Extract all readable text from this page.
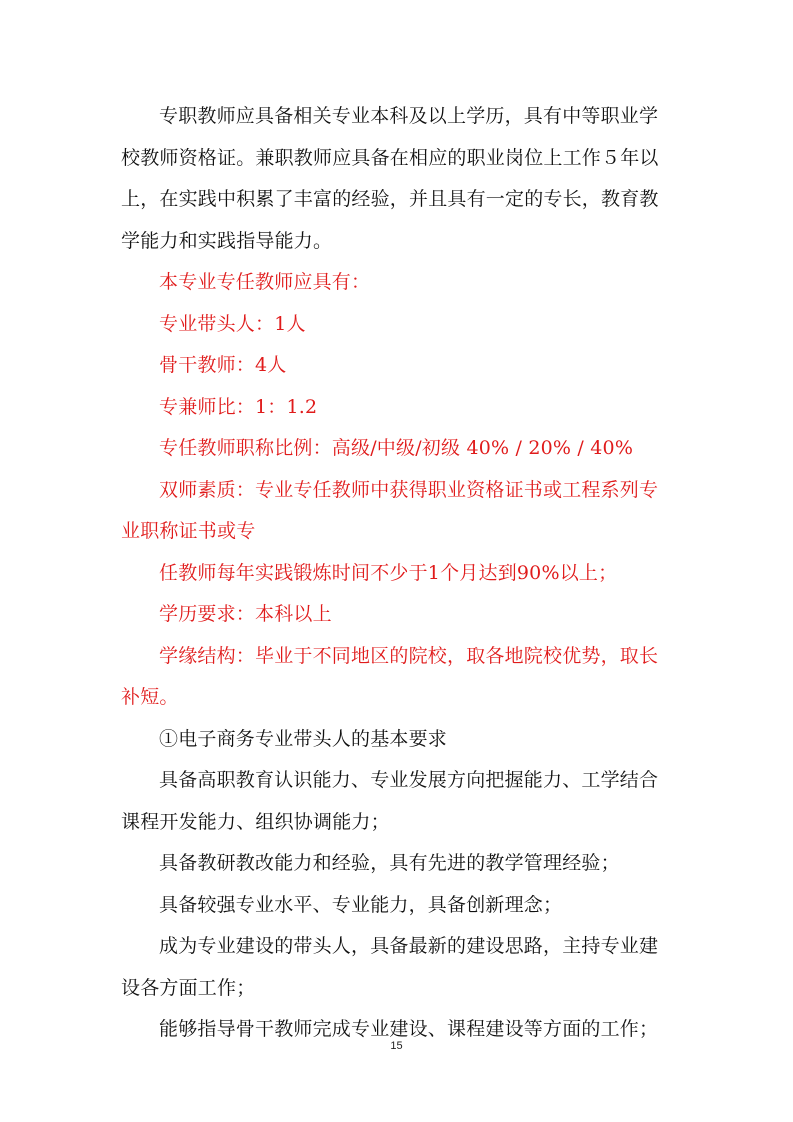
专职教师应具备相关专业本科及以上学历，具有中等职业学校教师资格证。兼职教师应具备在相应的职业岗位上工作５年以上，在实践中积累了丰富的经验，并且具有一定的专长，教育教学能力和实践指导能力。

本专业专任教师应具有：

专业带头人：1人

骨干教师：4人

专兼师比：1：1.2

专任教师职称比例：高级/中级/初级 40% / 20% / 40%

双师素质：专业专任教师中获得职业资格证书或工程系列专业职称证书或专

任教师每年实践锻炼时间不少于1个月达到90%以上；

学历要求：本科以上

学缘结构：毕业于不同地区的院校，取各地院校优势，取长补短。

①电子商务专业带头人的基本要求

具备高职教育认识能力、专业发展方向把握能力、工学结合课程开发能力、组织协调能力；

具备教研教改能力和经验，具有先进的教学管理经验；

具备较强专业水平、专业能力，具备创新理念；

成为专业建设的带头人，具备最新的建设思路，主持专业建设各方面工作；

能够指导骨干教师完成专业建设、课程建设等方面的工作；

15
